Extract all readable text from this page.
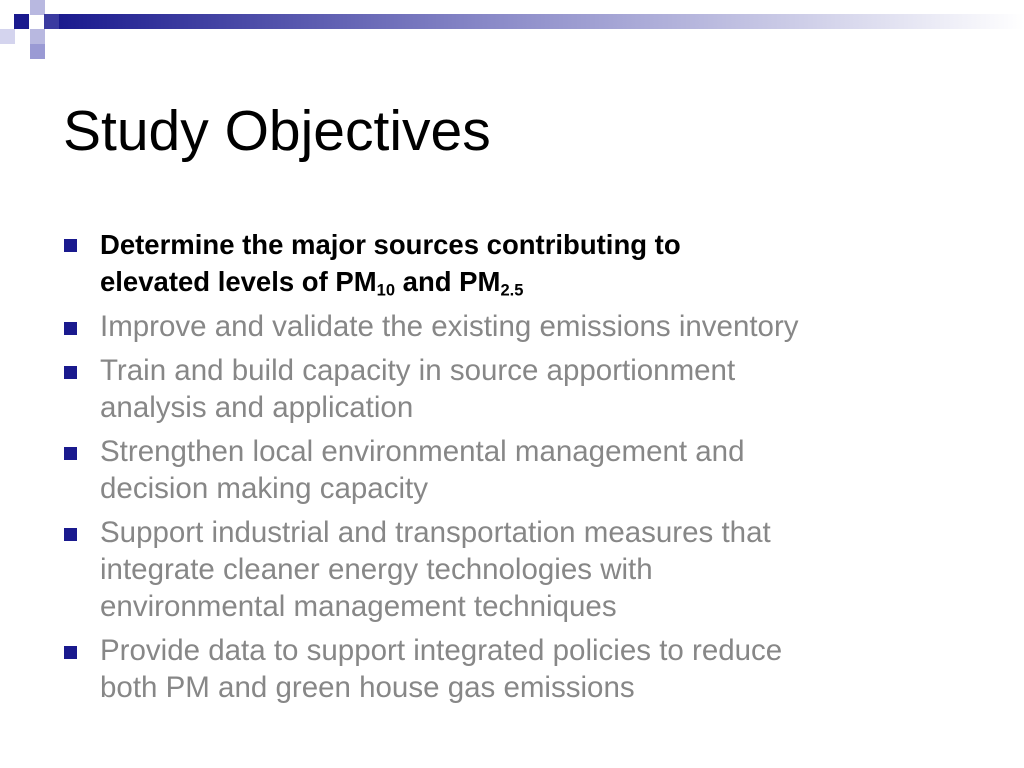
Study Objectives
Determine the major sources contributing to
elevated levels of $PM_{10}$ and $PM_{2.5}$
Improve and validate the existing emissions inventory
Train and build capacity in source apportionment
analysis and application
Strengthen local environmental management and
decision making capacity
Support industrial and transportation measures that
integrate cleaner energy technologies with
environmental management techniques
Provide data to support integrated policies to reduce
both PM and green house gas emissions
